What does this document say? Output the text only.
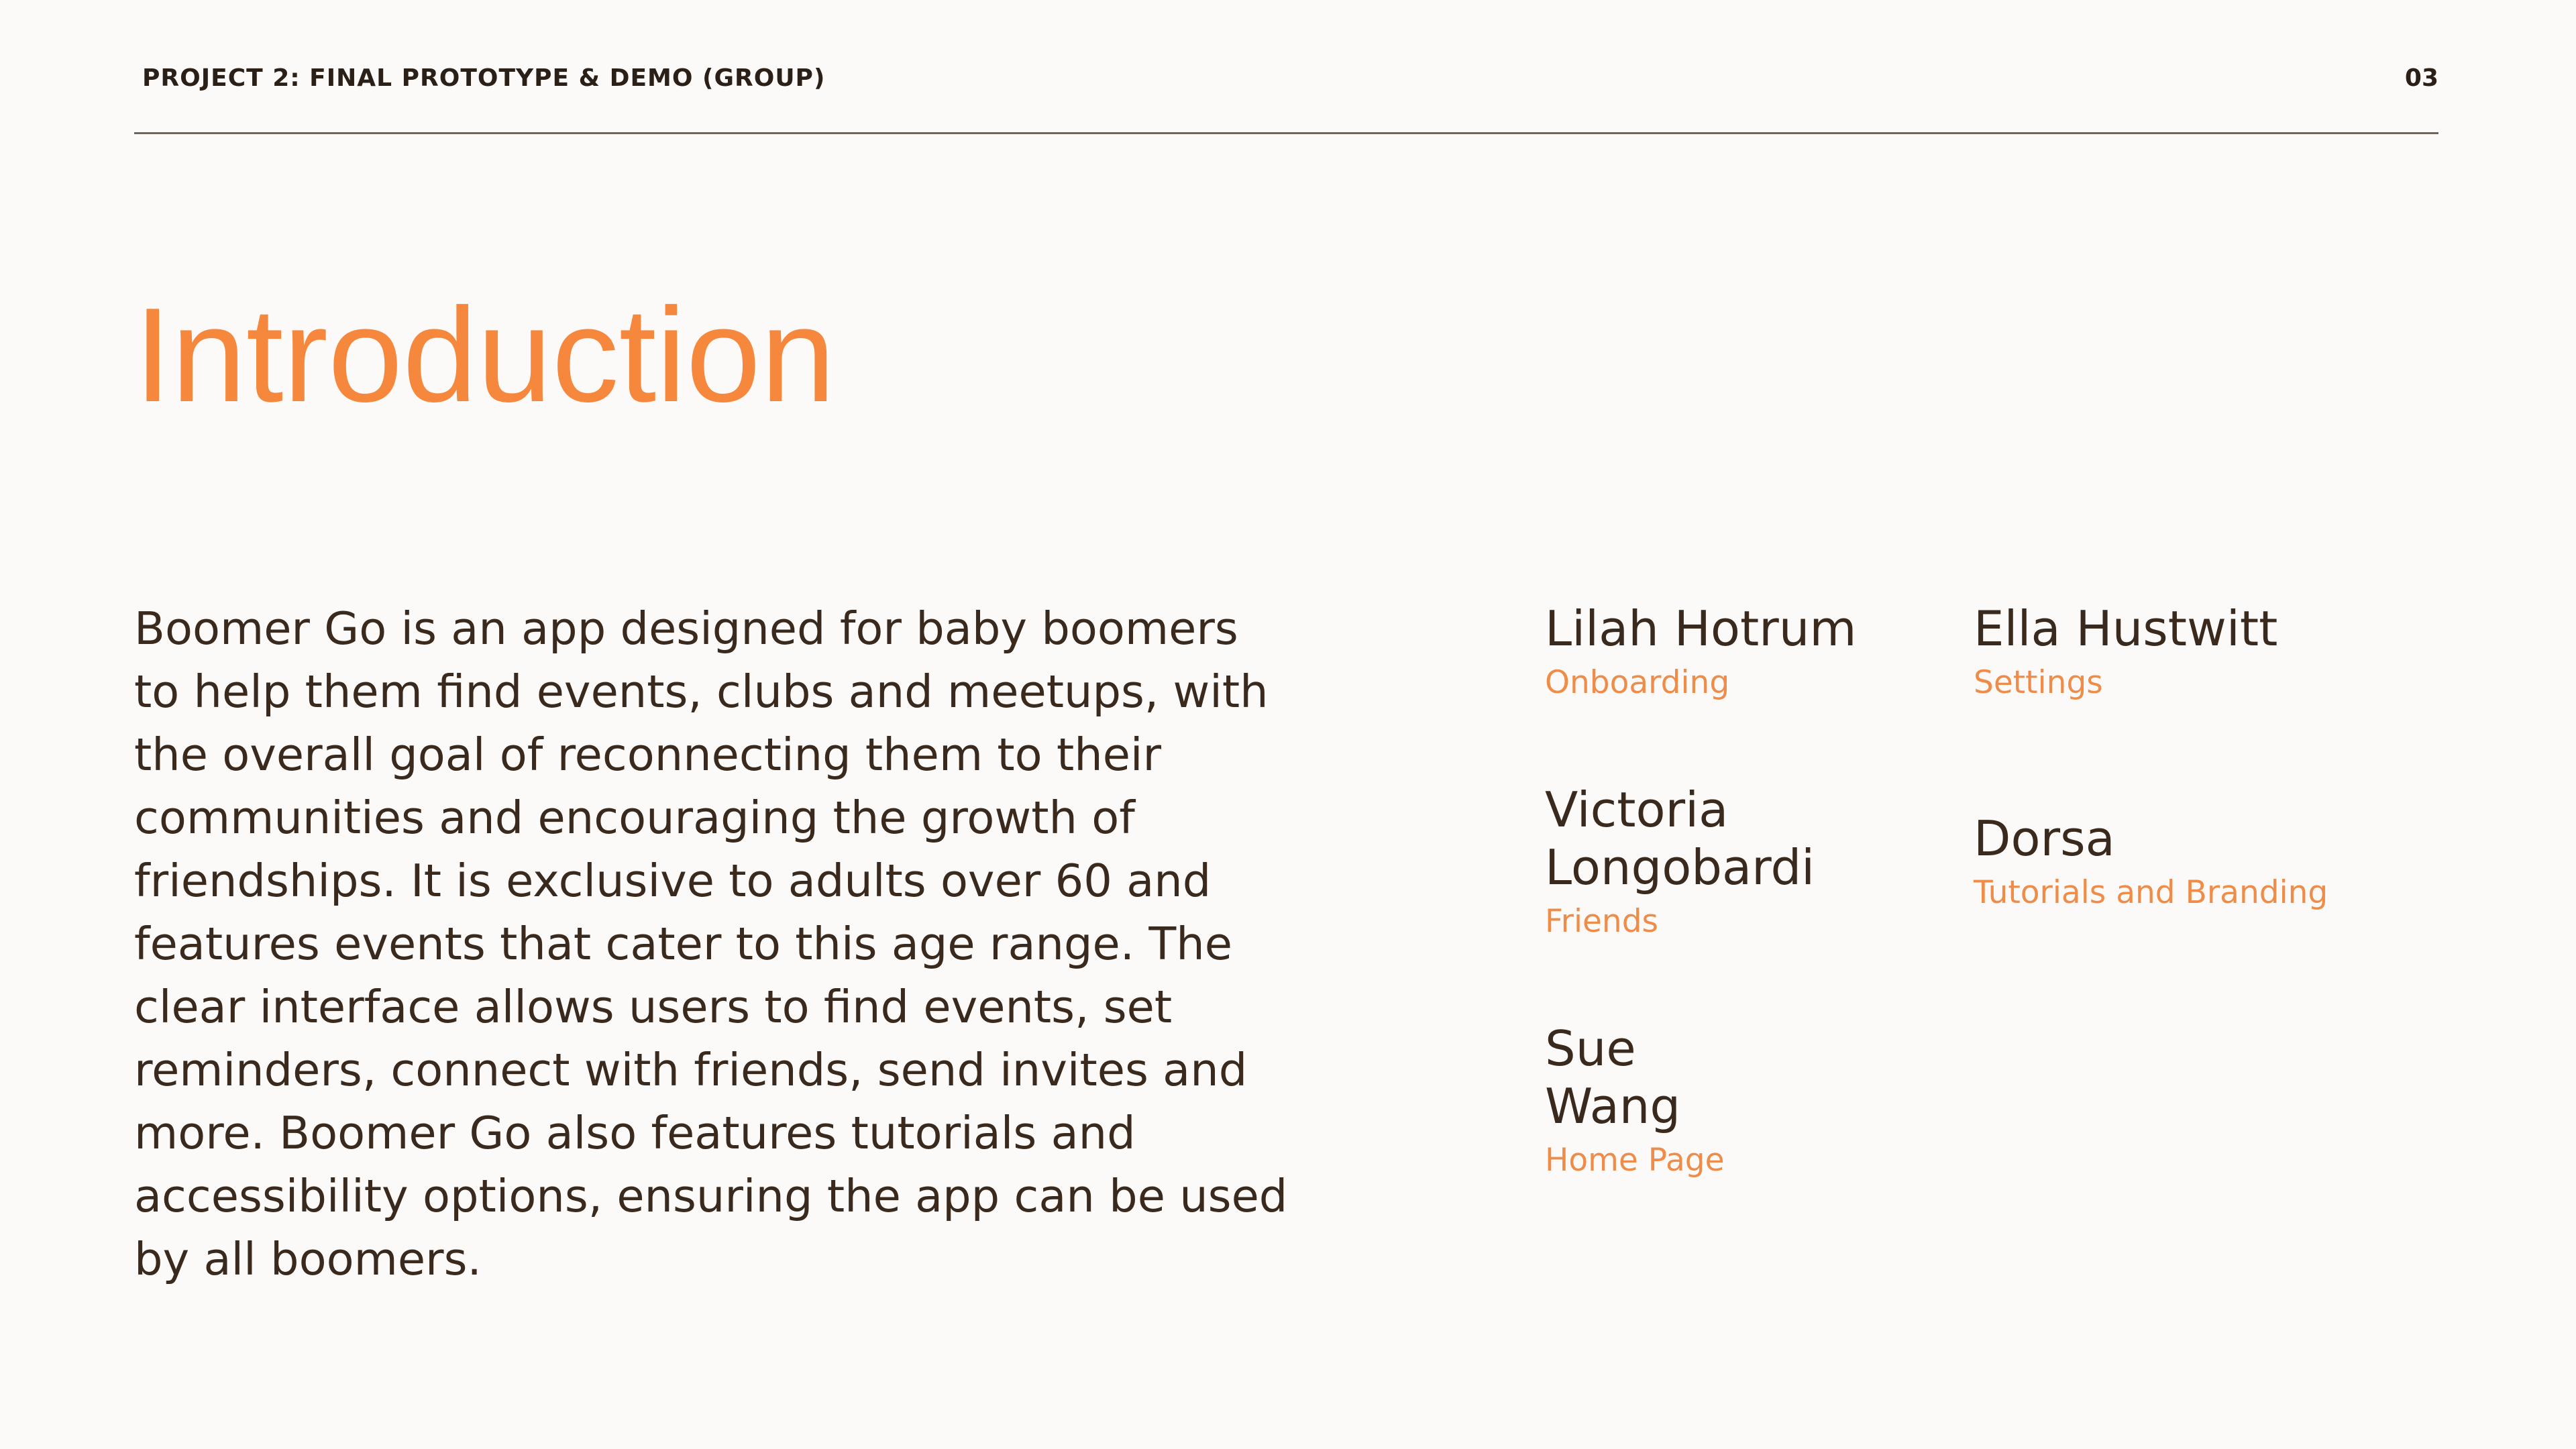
PROJECT 2: FINAL PROTOTYPE & DEMO (GROUP)	03
Introduction

Boomer Go is an app designed for baby boomers to help them find events, clubs and meetups, with the overall goal of reconnecting them to their communities and encouraging the growth of friendships. It is exclusive to adults over 60 and features events that cater to this age range. The clear interface allows users to find events, set reminders, connect with friends, send invites and more. Boomer Go also features tutorials and accessibility options, ensuring the app can be used by all boomers.

Lilah Hotrum
Onboarding
Victoria Longobardi
Friends
Sue Wang
Home Page
Ella Hustwitt
Settings
Dorsa
Tutorials and Branding
